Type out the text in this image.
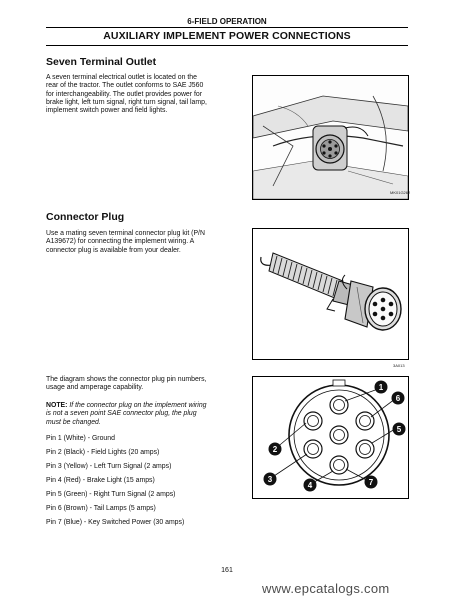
6-FIELD OPERATION
AUXILIARY IMPLEMENT POWER CONNECTIONS
Seven Terminal Outlet
A seven terminal electrical outlet is located on the
rear of the tractor. The outlet conforms to SAE J560
for interchangeability. The outlet provides power for
brake light, left turn signal, right turn signal, tail lamp,
implement switch power and field lights.
MK01G262
Connector Plug
Use a mating seven terminal connector plug kit (P/N
A139672) for connecting the implement wiring. A
connector plug is available from your dealer.
3A013
The diagram shows the connector plug pin numbers,
usage and amperage capability.
NOTE: If the connector plug on the implement wiring
is not a seven point SAE connector plug, the plug
must be changed.
Pin 1 (White) - Ground
Pin 2 (Black) - Field Lights (20 amps)
Pin 3 (Yellow) - Left Turn Signal (2 amps)
Pin 4 (Red) - Brake Light (15 amps)
Pin 5 (Green) - Right Turn Signal (2 amps)
Pin 6 (Brown) - Tail Lamps (5 amps)
Pin 7 (Blue) - Key Switched Power (30 amps)
1
2
3
4
5
6
7
161
www.epcatalogs.com
